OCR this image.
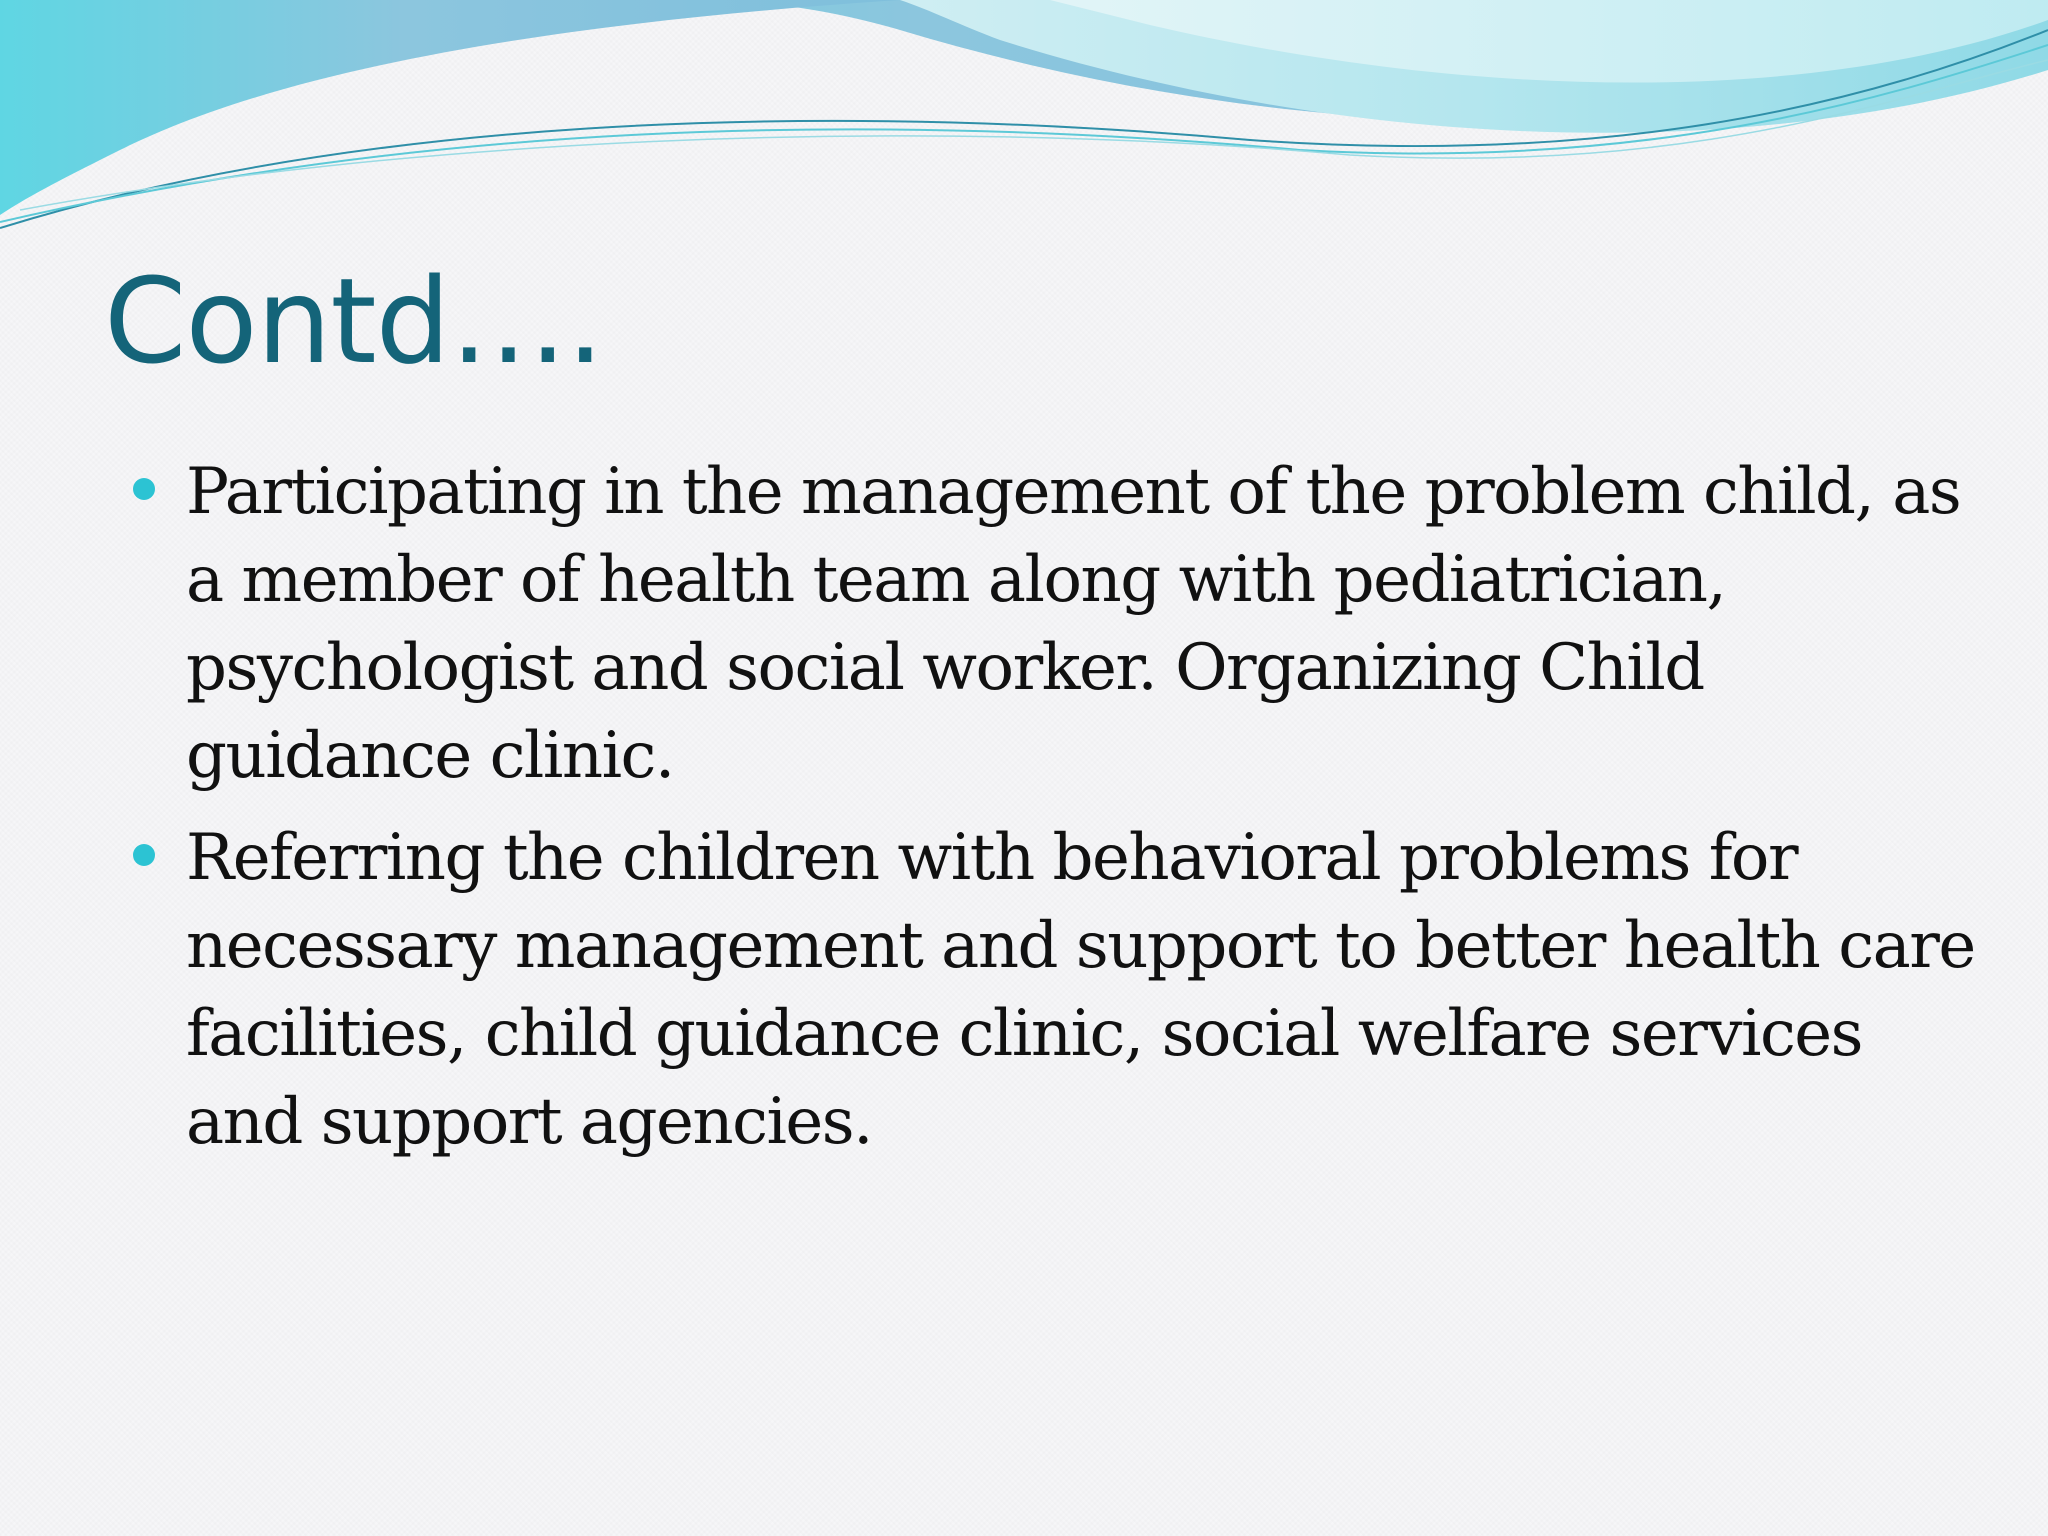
Contd….
Participating in the management of the problem child, as a member of health team along with pediatrician, psychologist and social worker. Organizing Child guidance clinic.
Referring the children with behavioral problems for necessary management and support to better health care facilities, child guidance clinic, social welfare services and support agencies.
